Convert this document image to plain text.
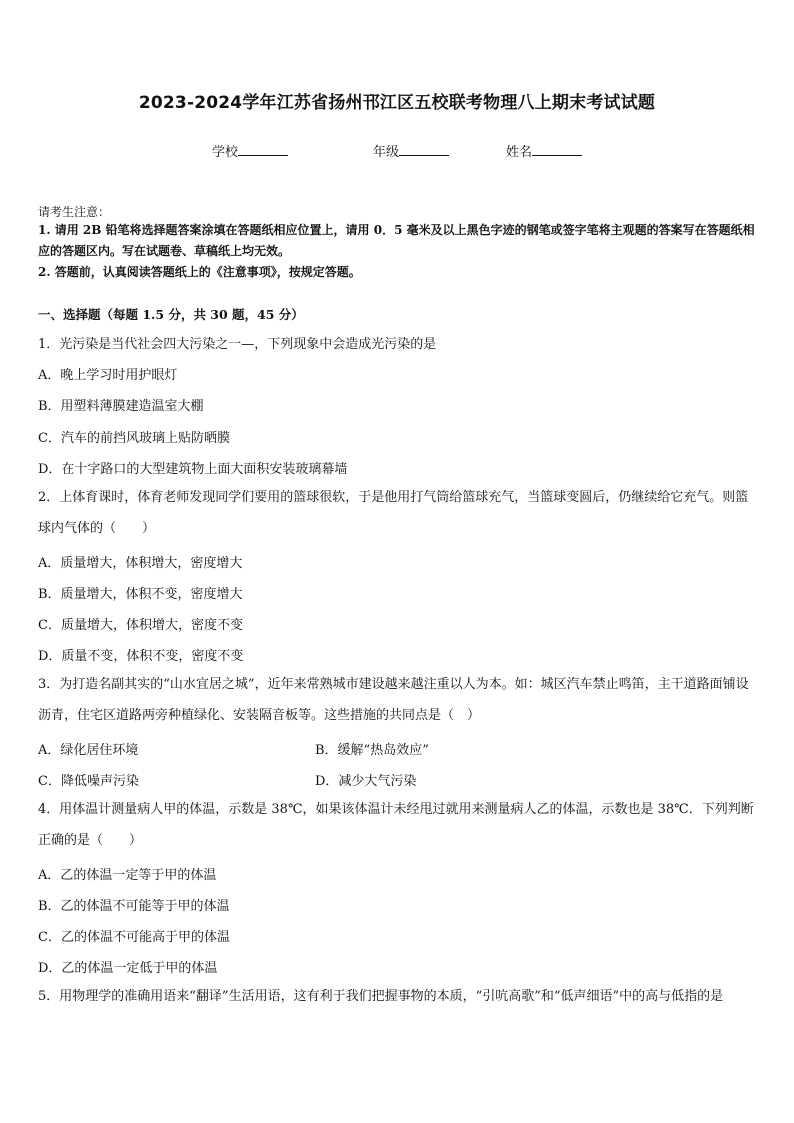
2023-2024学年江苏省扬州邗江区五校联考物理八上期末考试试题
学校	年级	姓名
请考生注意：
1. 请用 2B 铅笔将选择题答案涂填在答题纸相应位置上，请用 0．5 毫米及以上黑色字迹的钢笔或签字笔将主观题的答案写在答题纸相应的答题区内。写在试题卷、草稿纸上均无效。
2. 答题前，认真阅读答题纸上的《注意事项》，按规定答题。
一、选择题（每题 1.5 分，共 30 题，45 分）
1．光污染是当代社会四大污染之一—，下列现象中会造成光污染的是
A．晚上学习时用护眼灯
B．用塑料薄膜建造温室大棚
C．汽车的前挡风玻璃上贴防晒膜
D．在十字路口的大型建筑物上面大面积安装玻璃幕墙
2．上体育课时，体育老师发现同学们要用的篮球很软，于是他用打气筒给篮球充气，当篮球变圆后，仍继续给它充气。则篮球内气体的（　　）
A．质量增大，体积增大，密度增大
B．质量增大，体积不变，密度增大
C．质量增大，体积增大，密度不变
D．质量不变，体积不变，密度不变
3．为打造名副其实的“山水宜居之城”，近年来常熟城市建设越来越注重以人为本。如：城区汽车禁止鸣笛，主干道路面铺设沥青，住宅区道路两旁种植绿化、安装隔音板等。这些措施的共同点是（　）
A．绿化居住环境	B．缓解“热岛效应”
C．降低噪声污染	D．减少大气污染
4．用体温计测量病人甲的体温，示数是 38℃，如果该体温计未经甩过就用来测量病人乙的体温，示数也是 38℃．下列判断正确的是（　　）
A．乙的体温一定等于甲的体温
B．乙的体温不可能等于甲的体温
C．乙的体温不可能高于甲的体温
D．乙的体温一定低于甲的体温
5．用物理学的准确用语来“翻译”生活用语，这有利于我们把握事物的本质，“引吭高歌”和“低声细语”中的高与低指的是
